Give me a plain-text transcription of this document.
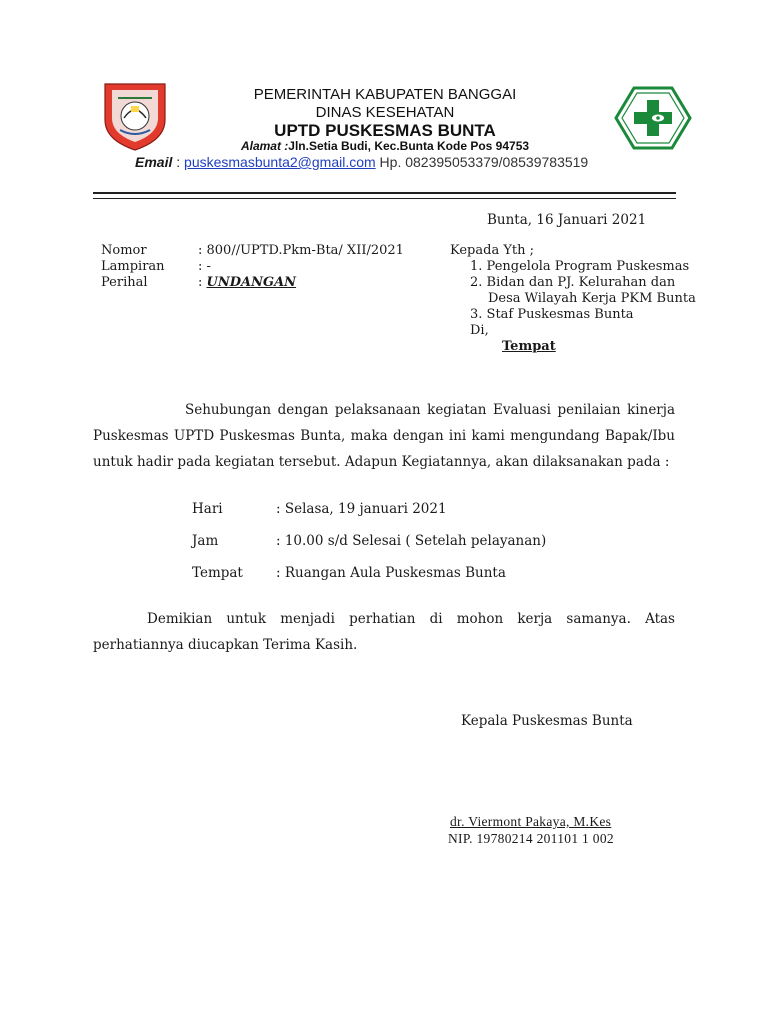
PEMERINTAH KABUPATEN BANGGAI
DINAS KESEHATAN
UPTD PUSKESMAS BUNTA
Alamat :Jln.Setia Budi, Kec.Bunta Kode Pos 94753
Email : puskesmasbunta2@gmail.com Hp. 082395053379/08539783519
Bunta, 16 Januari 2021
Nomor	: 800//UPTD.Pkm-Bta/ XII/2021
Lampiran	: -
Perihal	: UNDANGAN
Kepada Yth ;
1. Pengelola Program Puskesmas
2. Bidan dan PJ. Kelurahan dan
Desa Wilayah Kerja PKM Bunta
3. Staf Puskesmas Bunta
Di,
Tempat
Sehubungan dengan pelaksanaan kegiatan Evaluasi penilaian kinerja Puskesmas UPTD Puskesmas Bunta, maka dengan ini kami mengundang Bapak/Ibu untuk hadir pada kegiatan tersebut. Adapun Kegiatannya, akan dilaksanakan pada :
Hari	: Selasa, 19 januari 2021
Jam	: 10.00 s/d Selesai ( Setelah pelayanan)
Tempat : Ruangan Aula Puskesmas Bunta
Demikian untuk menjadi perhatian di mohon kerja samanya. Atas perhatiannya diucapkan Terima Kasih.
Kepala Puskesmas Bunta
dr. Viermont Pakaya, M.Kes
NIP. 19780214 201101 1 002
